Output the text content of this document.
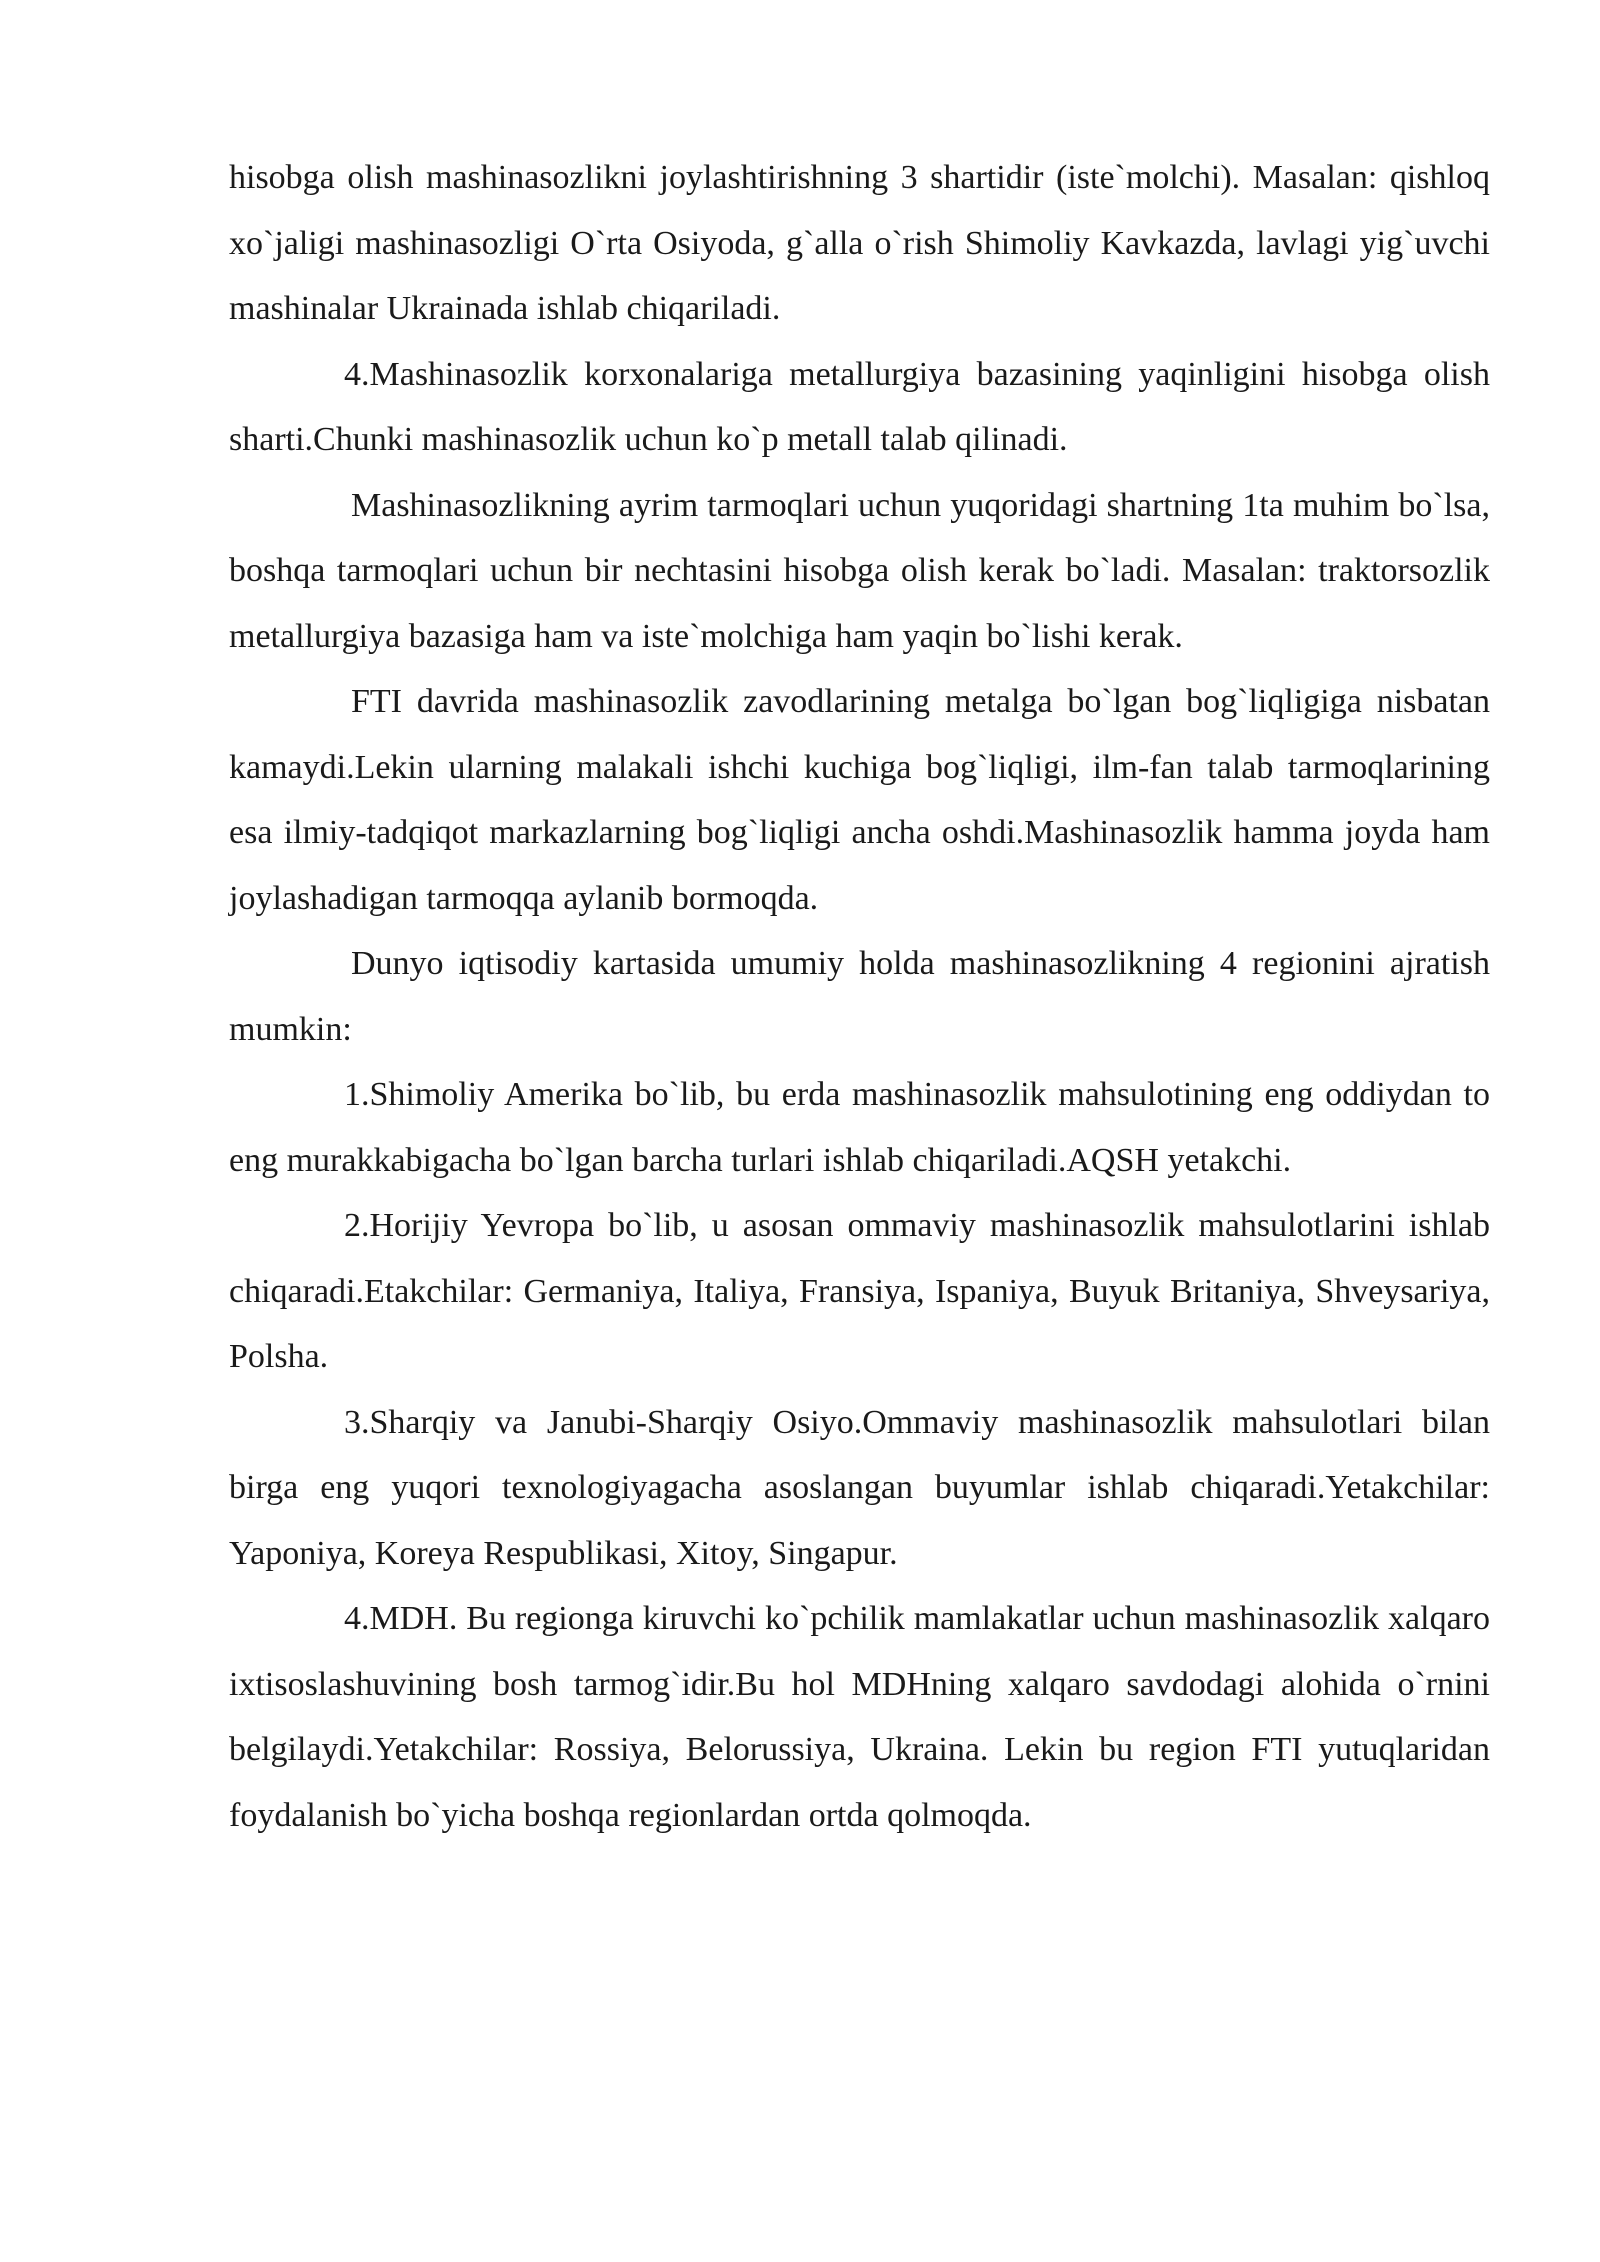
hisobga olish mashinasozlikni joylashtirishning 3 shartidir (iste`molchi). Masalan: qishloq xo`jaligi mashinasozligi O`rta Osiyoda, g`alla o`rish Shimoliy Kavkazda, lavlagi yig`uvchi mashinalar Ukrainada ishlab chiqariladi.

4.Mashinasozlik korxonalariga metallurgiya bazasining yaqinligini hisobga olish sharti.Chunki mashinasozlik uchun ko`p metall talab qilinadi.

Mashinasozlikning ayrim tarmoqlari uchun yuqoridagi shartning 1ta muhim bo`lsa, boshqa tarmoqlari uchun bir nechtasini hisobga olish kerak bo`ladi. Masalan: traktorsozlik metallurgiya bazasiga ham va iste`molchiga ham yaqin bo`lishi kerak.

FTI davrida mashinasozlik zavodlarining metalga bo`lgan bog`liqligiga nisbatan kamaydi.Lekin ularning malakali ishchi kuchiga bog`liqligi, ilm-fan talab tarmoqlarining esa ilmiy-tadqiqot markazlarning bog`liqligi ancha oshdi.Mashinasozlik hamma joyda ham joylashadigan tarmoqqa aylanib bormoqda.

Dunyo iqtisodiy kartasida umumiy holda mashinasozlikning 4 regionini ajratish mumkin:

1.Shimoliy Amerika bo`lib, bu erda mashinasozlik mahsulotining eng oddiydan to eng murakkabigacha bo`lgan barcha turlari ishlab chiqariladi.AQSH yetakchi.

2.Horijiy Yevropa bo`lib, u asosan ommaviy mashinasozlik mahsulotlarini ishlab chiqaradi.Etakchilar: Germaniya, Italiya, Fransiya, Ispaniya, Buyuk Britaniya, Shveysariya, Polsha.

3.Sharqiy va Janubi-Sharqiy Osiyo.Ommaviy mashinasozlik mahsulotlari bilan birga eng yuqori texnologiyagacha asoslangan buyumlar ishlab chiqaradi.Yetakchilar: Yaponiya, Koreya Respublikasi, Xitoy, Singapur.

4.MDH. Bu regionga kiruvchi ko`pchilik mamlakatlar uchun mashinasozlik xalqaro ixtisoslashuvining bosh tarmog`idir.Bu hol MDHning xalqaro savdodagi alohida o`rnini belgilaydi.Yetakchilar: Rossiya, Belorussiya, Ukraina. Lekin bu region FTI yutuqlaridan foydalanish bo`yicha boshqa regionlardan ortda qolmoqda.
